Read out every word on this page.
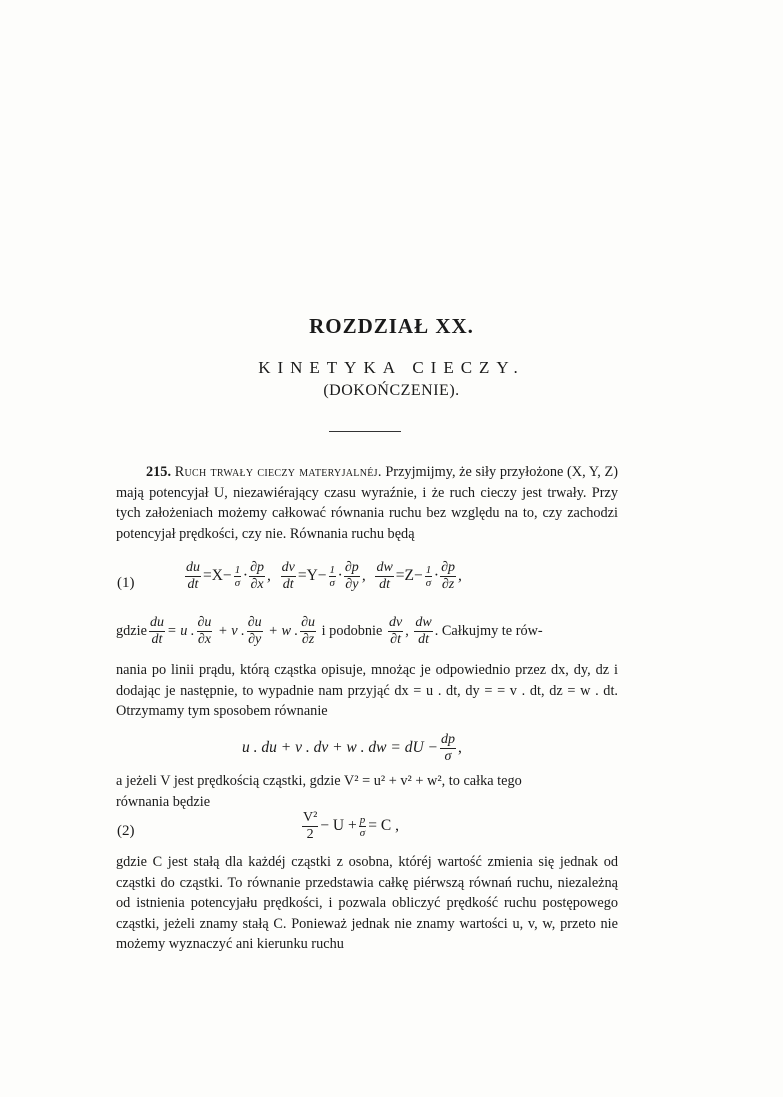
ROZDZIAŁ XX.
KINETYKA CIECZY.
(DOKOŃCZENIE).
215. Ruch trwały cieczy materyjalnéj. Przyjmijmy, że siły przyłożone (X, Y, Z) mają potencyjał U, niezawiérający czasu wyraźnie, i że ruch cieczy jest trwały. Przy tych założeniach możemy całkować równania ruchu bez względu na to, czy zachodzi potencyjał prędkości, czy nie. Równania ruchu będą
(1)	$\frac{du}{dt} =X- \frac{1}{\sigma} \cdot \frac{\partial p}{\partial x}$ , $\frac{dv}{dt} =Y- \frac{1}{\sigma} \cdot \frac{\partial p}{\partial y}$ , $\frac{dw}{dt} =Z- \frac{1}{\sigma} \cdot \frac{\partial p}{\partial z}$ ,
gdzie $\frac{du}{dt} = u$ . $\frac{\partial u}{\partial x} + v$ . $\frac{\partial u}{\partial y} + w$ . $\frac{\partial u}{\partial z}$ i podobnie $\frac{dv}{\partial t}$ , $\frac{dw}{dt}$ . Całkujmy te rów-
nania po linii prądu, którą cząstka opisuje, mnożąc je odpowiednio przez dx, dy, dz i dodając je następnie, to wypadnie nam przyjąć dx = u . dt, dy = = v . dt, dz = w . dt. Otrzymamy tym sposobem równanie
u . du + v . dv + w . dw = dU − $\frac{dp}{\sigma}$ ,
a jeżeli V jest prędkością cząstki, gdzie V² = u² + v² + w², to całka tego
równania będzie
(2)	$\frac{\text{V²}}{2} - U + \frac{p}{\sigma} = C$ ,
gdzie C jest stałą dla każdéj cząstki z osobna, któréj wartość zmienia się jednak od cząstki do cząstki. To równanie przedstawia całkę piérwszą równań ruchu, niezależną od istnienia potencyjału prędkości, i pozwala obliczyć prędkość ruchu postępowego cząstki, jeżeli znamy stałą C. Ponieważ jednak nie znamy wartości u, v, w, przeto nie możemy wyznaczyć ani kierunku ruchu
